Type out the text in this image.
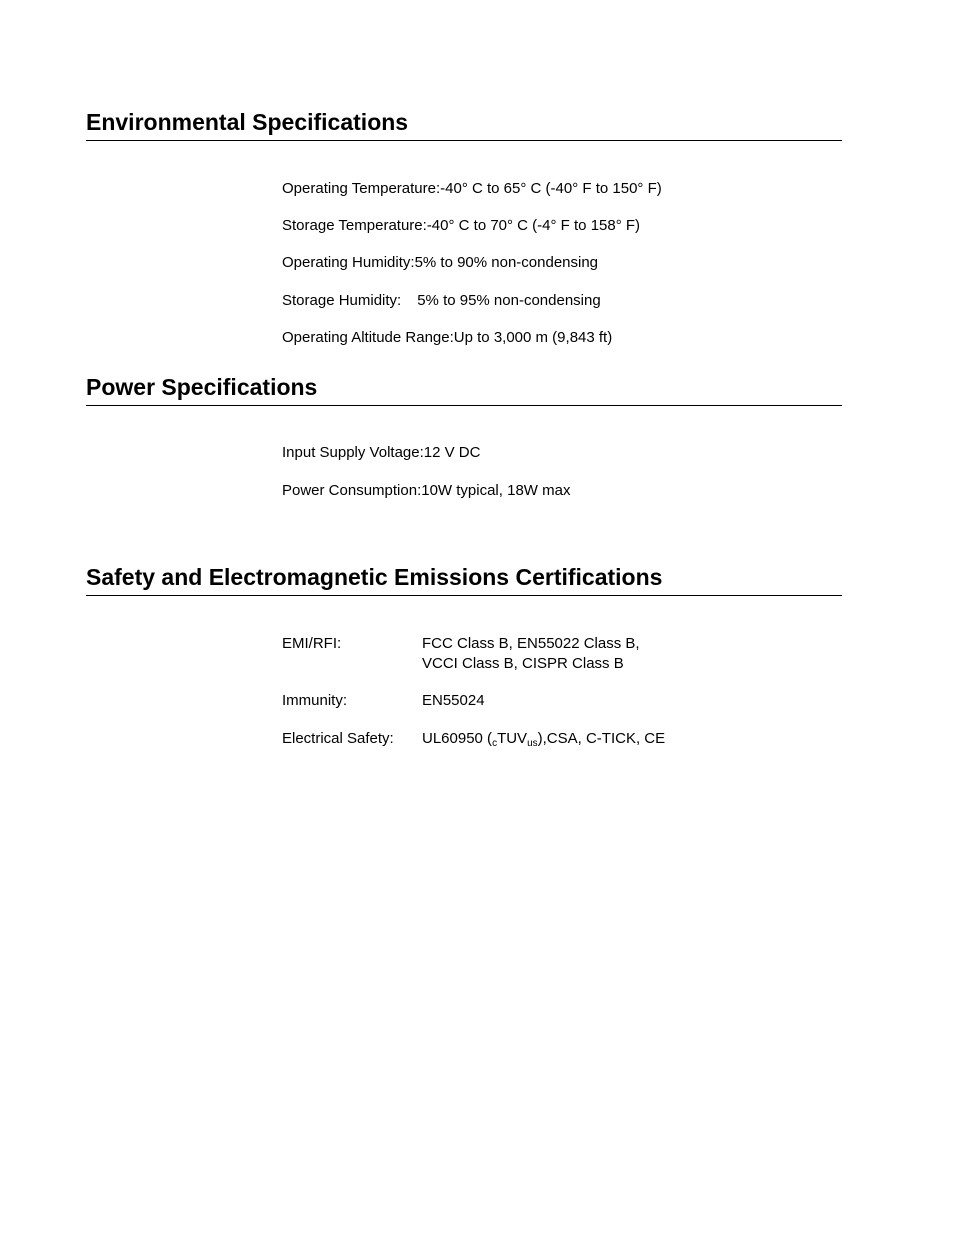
Environmental Specifications
Operating Temperature:-40° C to 65° C (-40° F to 150° F)
Storage Temperature:-40° C to 70° C (-4° F to 158° F)
Operating Humidity:5% to 90% non-condensing
Storage Humidity: 5% to 95% non-condensing
Operating Altitude Range:Up to 3,000 m (9,843 ft)
Power Specifications
Input Supply Voltage:12 V DC
Power Consumption:10W typical, 18W max
Safety and Electromagnetic Emissions Certifications
EMI/RFI:	FCC Class B, EN55022 Class B,
VCCI Class B, CISPR Class B
Immunity:	EN55024
Electrical Safety: UL60950 $(_cTUV_{us}),CSA$, C-TICK, CE
